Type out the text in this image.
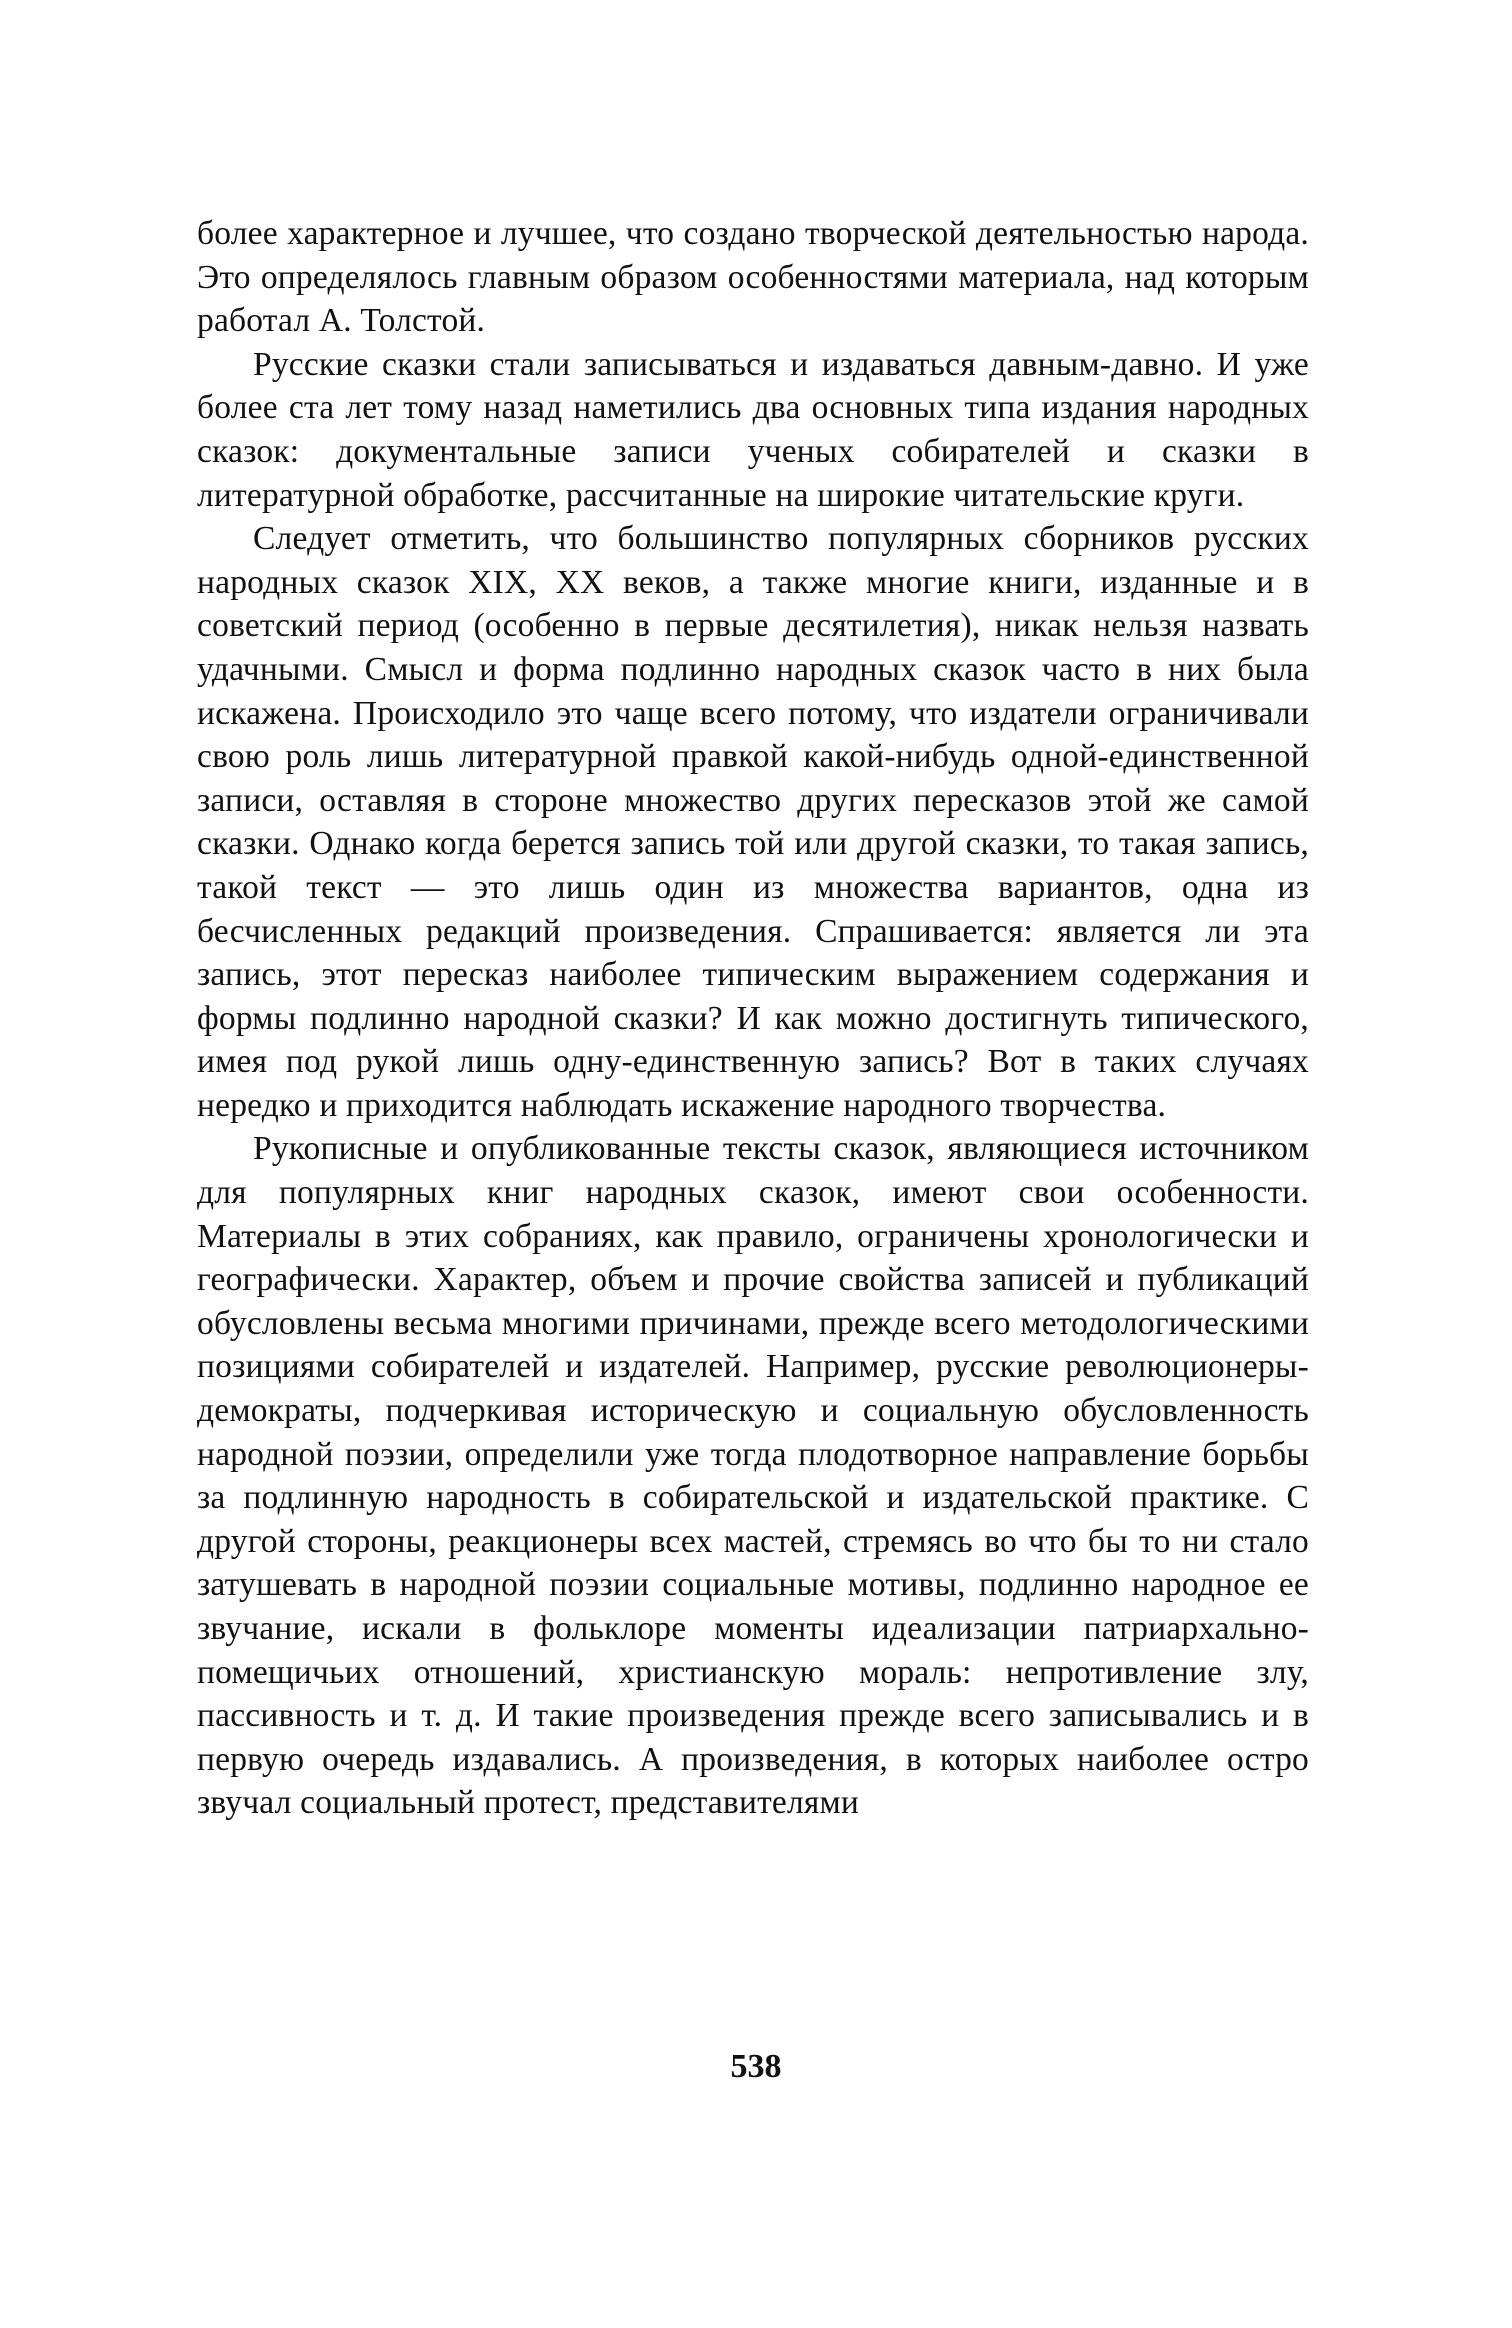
более характерное и лучшее, что создано творческой деятельностью народа. Это определялось главным образом особенностями материала, над которым работал А. Толстой.

Русские сказки стали записываться и издаваться давным-давно. И уже более ста лет тому назад наметились два основных типа издания народных сказок: документальные записи ученых собирателей и сказки в литературной обработке, рассчитанные на широкие читательские круги.

Следует отметить, что большинство популярных сборников русских народных сказок XIX, XX веков, а также многие книги, изданные и в советский период (особенно в первые десятилетия), никак нельзя назвать удачными. Смысл и форма подлинно народных сказок часто в них была искажена. Происходило это чаще всего потому, что издатели ограничивали свою роль лишь литературной правкой какой-нибудь одной-единственной записи, оставляя в стороне множество других пересказов этой же самой сказки. Однако когда берется запись той или другой сказки, то такая запись, такой текст — это лишь один из множества вариантов, одна из бесчисленных редакций произведения. Спрашивается: является ли эта запись, этот пересказ наиболее типическим выражением содержания и формы подлинно народной сказки? И как можно достигнуть типического, имея под рукой лишь одну-единственную запись? Вот в таких случаях нередко и приходится наблюдать искажение народного творчества.

Рукописные и опубликованные тексты сказок, являющиеся источником для популярных книг народных сказок, имеют свои особенности. Материалы в этих собраниях, как правило, ограничены хронологически и географически. Характер, объем и прочие свойства записей и публикаций обусловлены весьма многими причинами, прежде всего методологическими позициями собирателей и издателей. Например, русские революционеры-демократы, подчеркивая историческую и социальную обусловленность народной поэзии, определили уже тогда плодотворное направление борьбы за подлинную народность в собирательской и издательской практике. С другой стороны, реакционеры всех мастей, стремясь во что бы то ни стало затушевать в народной поэзии социальные мотивы, подлинно народное ее звучание, искали в фольклоре моменты идеализации патриархально-помещичьих отношений, христианскую мораль: непротивление злу, пассивность и т. д. И такие произведения прежде всего записывались и в первую очередь издавались. А произведения, в которых наиболее остро звучал социальный протест, представителями

538
